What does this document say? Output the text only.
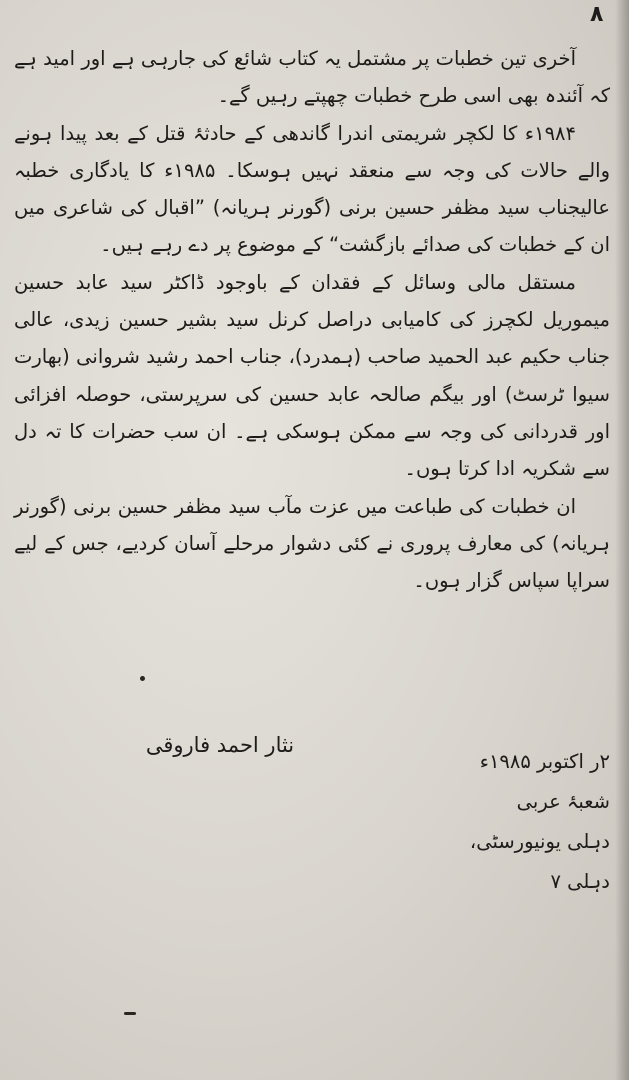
۸

آخری تین خطبات پر مشتمل یہ کتاب شائع کی جارہی ہے اور امید ہے کہ آئندہ بھی اسی طرح خطبات چھپتے رہیں گے۔

۱۹۸۴ء کا لکچر شریمتی اندرا گاندھی کے حادثۂ قتل کے بعد پیدا ہونے والے حالات کی وجہ سے منعقد نہیں ہوسکا۔ ۱۹۸۵ء کا یادگاری خطبہ عالیجناب سید مظفر حسین برنی (گورنر ہریانہ) ”اقبال کی شاعری میں ان کے خطبات کی صدائے بازگشت“ کے موضوع پر دے رہے ہیں۔

مستقل مالی وسائل کے فقدان کے باوجود ڈاکٹر سید عابد حسین میموریل لکچرز کی کامیابی دراصل کرنل سید بشیر حسین زیدی، عالی جناب حکیم عبد الحمید صاحب (ہمدرد)، جناب احمد رشید شروانی (بھارت سیوا ٹرسٹ) اور بیگم صالحہ عابد حسین کی سرپرستی، حوصلہ افزائی اور قدردانی کی وجہ سے ممکن ہوسکی ہے۔ ان سب حضرات کا تہ دل سے شکریہ ادا کرتا ہوں۔

ان خطبات کی طباعت میں عزت مآب سید مظفر حسین برنی (گورنر ہریانہ) کی معارف پروری نے کئی دشوار مرحلے آسان کردیے، جس کے لیے سراپا سپاس گزار ہوں۔

نثار احمد فاروقی
۲ر اکتوبر ۱۹۸۵ء
شعبۂ عربی
دہلی یونیورسٹی، دہلی ۷
